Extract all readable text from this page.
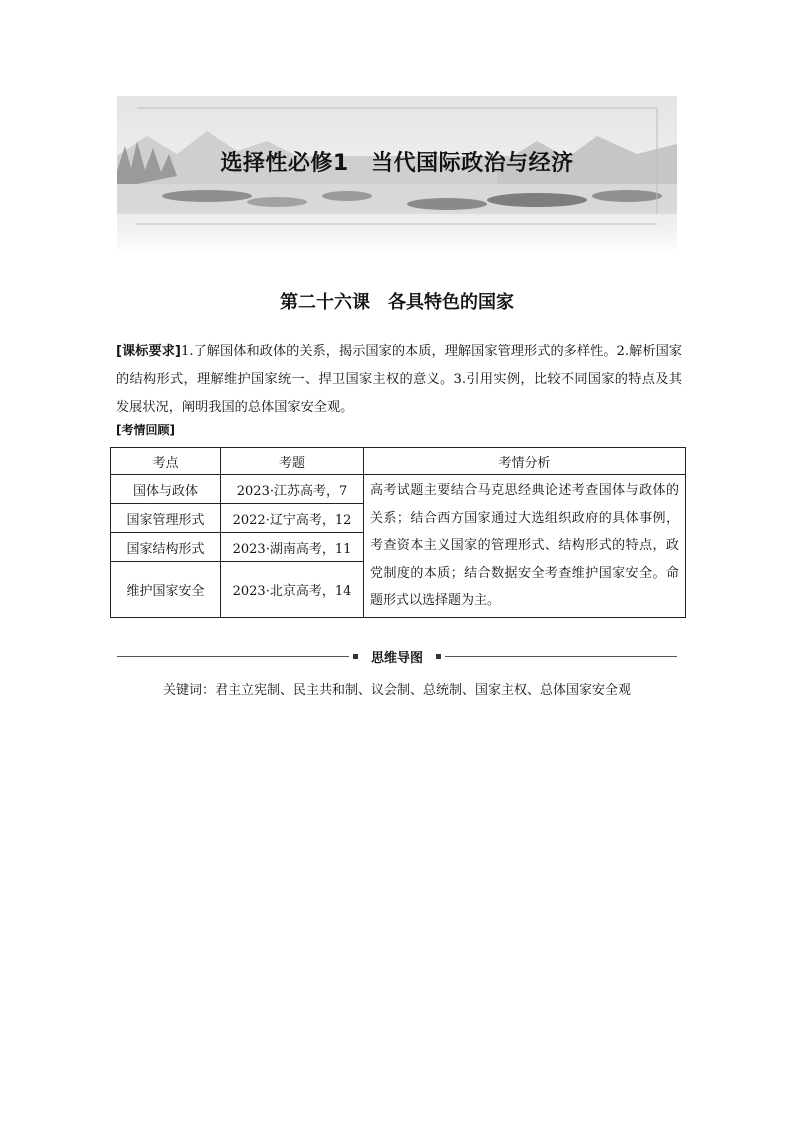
选择性必修1　当代国际政治与经济
第二十六课　各具特色的国家
[课标要求]1.了解国体和政体的关系，揭示国家的本质，理解国家管理形式的多样性。2.解析国家的结构形式，理解维护国家统一、捍卫国家主权的意义。3.引用实例，比较不同国家的特点及其发展状况，阐明我国的总体国家安全观。
[考情回顾]
考点	考题	考情分析
国体与政体	2023·江苏高考，7	高考试题主要结合马克思经典论述考查国体与政体的关系；结合西方国家通过大选组织政府的具体事例，考查资本主义国家的管理形式、结构形式的特点，政党制度的本质；结合数据安全考查维护国家安全。命题形式以选择题为主。
国家管理形式	2022·辽宁高考，12	
国家结构形式	2023·湖南高考，11	
维护国家安全	2023·北京高考，14	
思维导图
关键词：君主立宪制、民主共和制、议会制、总统制、国家主权、总体国家安全观
